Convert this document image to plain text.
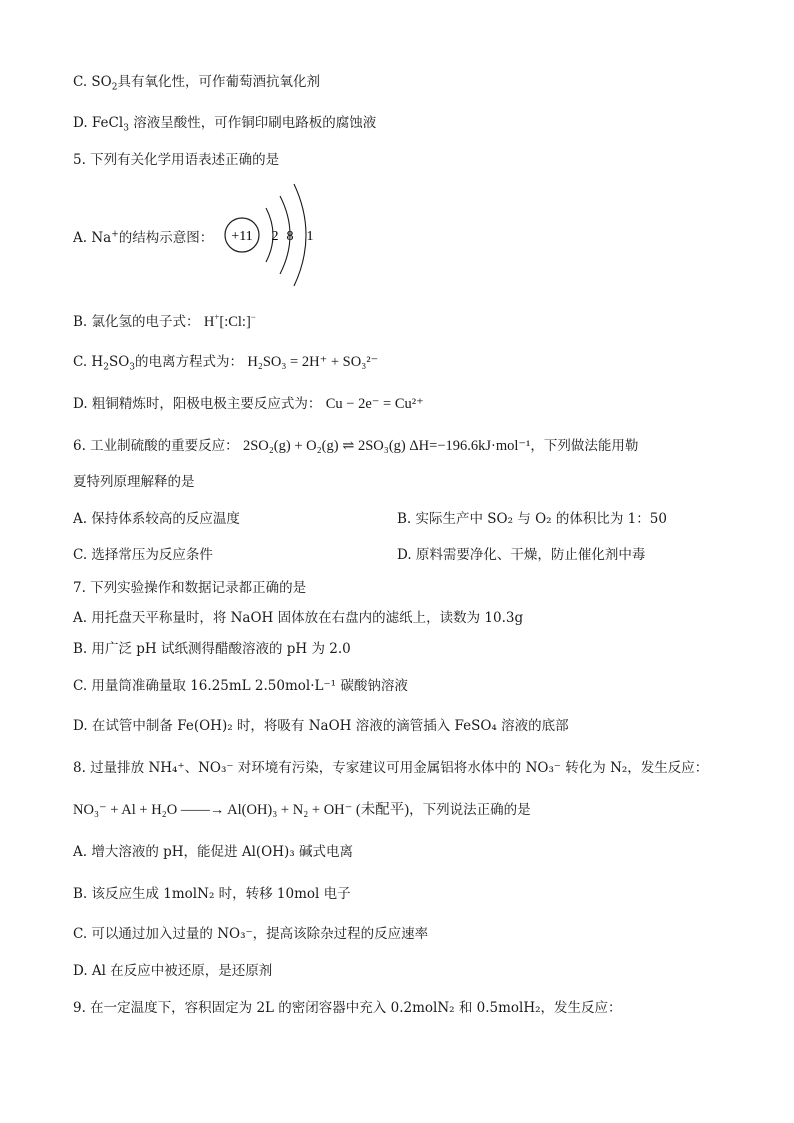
C. $SO_2$具有氧化性，可作葡萄酒抗氧化剂
D. FeCl$_3$ 溶液呈酸性，可作铜印刷电路板的腐蚀液
5. 下列有关化学用语表述正确的是
A. Na+的结构示意图： +11 2 8 1
B. 氯化氢的电子式： H+[:Cl:]−
C. $H_2SO_3$的电离方程式为： H₂SO₃ = 2H⁺ + SO₃²⁻
D. 粗铜精炼时，阳极电极主要反应式为： Cu − 2e⁻ = Cu²⁺
6. 工业制硫酸的重要反应： 2SO₂(g) + O₂(g) ⇌ 2SO₃(g) ΔH=−196.6kJ·mol⁻¹，下列做法能用勒
夏特列原理解释的是
A. 保持体系较高的反应温度	B. 实际生产中 SO₂ 与 O₂ 的体积比为 1：50
C. 选择常压为反应条件	D. 原料需要净化、干燥，防止催化剂中毒
7. 下列实验操作和数据记录都正确的是
A. 用托盘天平称量时，将 NaOH 固体放在右盘内的滤纸上，读数为 10.3g
B. 用广泛 pH 试纸测得醋酸溶液的 pH 为 2.0
C. 用量筒准确量取 16.25mL 2.50mol·L⁻¹ 碳酸钠溶液
D. 在试管中制备 Fe(OH)₂ 时，将吸有 NaOH 溶液的滴管插入 FeSO₄ 溶液的底部
8. 过量排放 NH₄⁺、NO₃⁻ 对环境有污染，专家建议可用金属铝将水体中的 NO₃⁻ 转化为 N₂，发生反应：
NO₃⁻ + Al + H₂O ——→ Al(OH)₃ + N₂ + OH⁻ (未配平)，下列说法正确的是
A. 增大溶液的 pH，能促进 Al(OH)₃ 碱式电离
B. 该反应生成 1molN₂ 时，转移 10mol 电子
C. 可以通过加入过量的 NO₃⁻，提高该除杂过程的反应速率
D. Al 在反应中被还原，是还原剂
9. 在一定温度下，容积固定为 2L 的密闭容器中充入 0.2molN₂ 和 0.5molH₂，发生反应：
